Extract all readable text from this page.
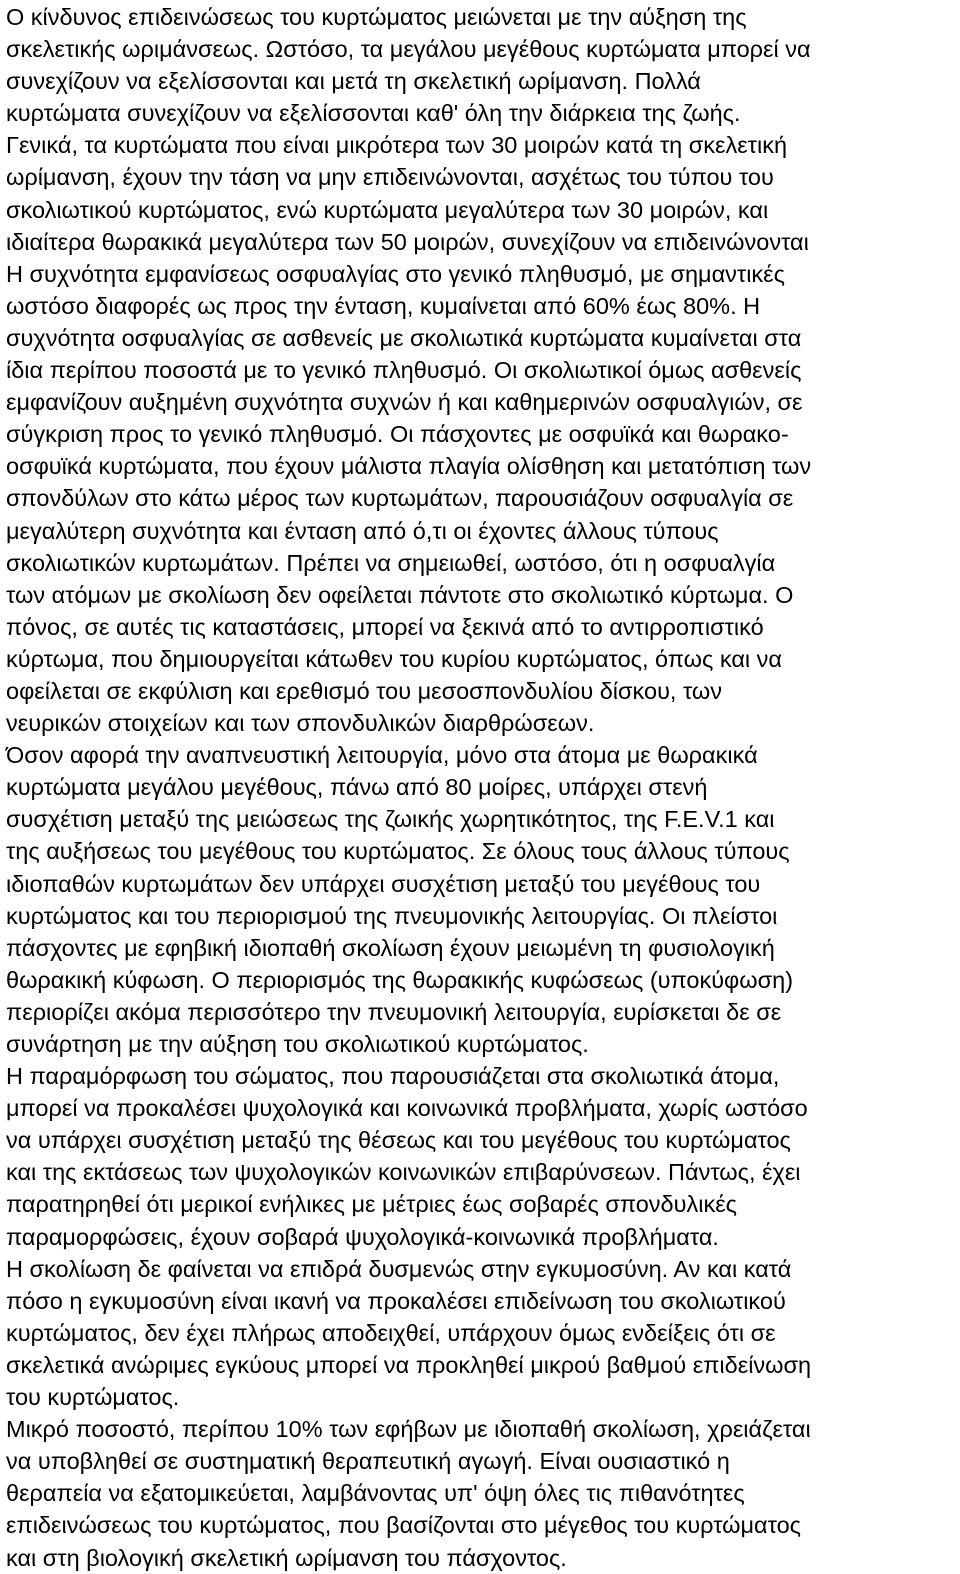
Ο κίνδυνος επιδεινώσεως του κυρτώματος μειώνεται με την αύξηση της
σκελετικής ωριμάνσεως. Ωστόσο, τα μεγάλου μεγέθους κυρτώματα μπορεί να
συνεχίζουν να εξελίσσονται και μετά τη σκελετική ωρίμανση. Πολλά
κυρτώματα συνεχίζουν να εξελίσσονται καθ' όλη την διάρκεια της ζωής.
Γενικά, τα κυρτώματα που είναι μικρότερα των 30 μοιρών κατά τη σκελετική
ωρίμανση, έχουν την τάση να μην επιδεινώνονται, ασχέτως του τύπου του
σκολιωτικού κυρτώματος, ενώ κυρτώματα μεγαλύτερα των 30 μοιρών, και
ιδιαίτερα θωρακικά μεγαλύτερα των 50 μοιρών, συνεχίζουν να επιδεινώνονται
Η συχνότητα εμφανίσεως οσφυαλγίας στο γενικό πληθυσμό, με σημαντικές
ωστόσο διαφορές ως προς την ένταση, κυμαίνεται από 60% έως 80%. Η
συχνότητα οσφυαλγίας σε ασθενείς με σκολιωτικά κυρτώματα κυμαίνεται στα
ίδια περίπου ποσοστά με το γενικό πληθυσμό. Οι σκολιωτικοί όμως ασθενείς
εμφανίζουν αυξημένη συχνότητα συχνών ή και καθημερινών οσφυαλγιών, σε
σύγκριση προς το γενικό πληθυσμό. Οι πάσχοντες με οσφυϊκά και θωρακο-
οσφυϊκά κυρτώματα, που έχουν μάλιστα πλαγία ολίσθηση και μετατόπιση των
σπονδύλων στο κάτω μέρος των κυρτωμάτων, παρουσιάζουν οσφυαλγία σε
μεγαλύτερη συχνότητα και ένταση από ό,τι οι έχοντες άλλους τύπους
σκολιωτικών κυρτωμάτων. Πρέπει να σημειωθεί, ωστόσο, ότι η οσφυαλγία
των ατόμων με σκολίωση δεν οφείλεται πάντοτε στο σκολιωτικό κύρτωμα. Ο
πόνος, σε αυτές τις καταστάσεις, μπορεί να ξεκινά από το αντιρροπιστικό
κύρτωμα, που δημιουργείται κάτωθεν του κυρίου κυρτώματος, όπως και να
οφείλεται σε εκφύλιση και ερεθισμό του μεσοσπονδυλίου δίσκου, των
νευρικών στοιχείων και των σπονδυλικών διαρθρώσεων.
Όσον αφορά την αναπνευστική λειτουργία, μόνο στα άτομα με θωρακικά
κυρτώματα μεγάλου μεγέθους, πάνω από 80 μοίρες, υπάρχει στενή
συσχέτιση μεταξύ της μειώσεως της ζωικής χωρητικότητος, της F.E.V.1 και
της αυξήσεως του μεγέθους του κυρτώματος. Σε όλους τους άλλους τύπους
ιδιοπαθών κυρτωμάτων δεν υπάρχει συσχέτιση μεταξύ του μεγέθους του
κυρτώματος και του περιορισμού της πνευμονικής λειτουργίας. Οι πλείστοι
πάσχοντες με εφηβική ιδιοπαθή σκολίωση έχουν μειωμένη τη φυσιολογική
θωρακική κύφωση. Ο περιορισμός της θωρακικής κυφώσεως (υποκύφωση)
περιορίζει ακόμα περισσότερο την πνευμονική λειτουργία, ευρίσκεται δε σε
συνάρτηση με την αύξηση του σκολιωτικού κυρτώματος.
Η παραμόρφωση του σώματος, που παρουσιάζεται στα σκολιωτικά άτομα,
μπορεί να προκαλέσει ψυχολογικά και κοινωνικά προβλήματα, χωρίς ωστόσο
να υπάρχει συσχέτιση μεταξύ της θέσεως και του μεγέθους του κυρτώματος
και της εκτάσεως των ψυχολογικών κοινωνικών επιβαρύνσεων. Πάντως, έχει
παρατηρηθεί ότι μερικοί ενήλικες με μέτριες έως σοβαρές σπονδυλικές
παραμορφώσεις, έχουν σοβαρά ψυχολογικά-κοινωνικά προβλήματα.
Η σκολίωση δε φαίνεται να επιδρά δυσμενώς στην εγκυμοσύνη. Αν και κατά
πόσο η εγκυμοσύνη είναι ικανή να προκαλέσει επιδείνωση του σκολιωτικού
κυρτώματος, δεν έχει πλήρως αποδειχθεί, υπάρχουν όμως ενδείξεις ότι σε
σκελετικά ανώριμες εγκύους μπορεί να προκληθεί μικρού βαθμού επιδείνωση
του κυρτώματος.
Μικρό ποσοστό, περίπου 10% των εφήβων με ιδιοπαθή σκολίωση, χρειάζεται
να υποβληθεί σε συστηματική θεραπευτική αγωγή. Είναι ουσιαστικό η
θεραπεία να εξατομικεύεται, λαμβάνοντας υπ' όψη όλες τις πιθανότητες
επιδεινώσεως του κυρτώματος, που βασίζονται στο μέγεθος του κυρτώματος
και στη βιολογική σκελετική ωρίμανση του πάσχοντος.
